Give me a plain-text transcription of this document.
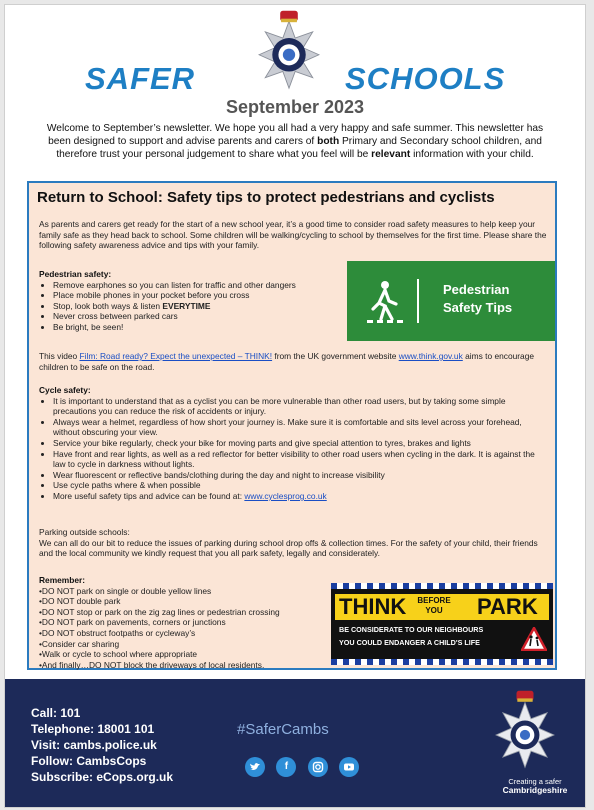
SAFER	SCHOOLS
September 2023
Welcome to September’s newsletter. We hope you all had a very happy and safe summer. This newsletter has been designed to support and advise parents and carers of both Primary and Secondary school children, and therefore trust your personal judgement to share what you feel will be relevant information with your child.
Return to School: Safety tips to protect pedestrians and cyclists
As parents and carers get ready for the start of a new school year, it’s a good time to consider road safety measures to help keep your family safe as they head back to school. Some children will be walking/cycling to school by themselves for the first time. Please share the following safety awareness advice and tips with your family.
Pedestrian safety:
• Remove earphones so you can listen for traffic and other dangers
• Place mobile phones in your pocket before you cross
• Stop, look both ways & listen EVERYTIME
• Never cross between parked cars
• Be bright, be seen!
Pedestrian
Safety Tips
This video Film: Road ready? Expect the unexpected – THINK! from the UK government website www.think.gov.uk aims to encourage children to be safe on the road.
Cycle safety:
• It is important to understand that as a cyclist you can be more vulnerable than other road users, but by taking some simple precautions you can reduce the risk of accidents or injury.
• Always wear a helmet, regardless of how short your journey is. Make sure it is comfortable and sits level across your forehead, without obscuring your view.
• Service your bike regularly, check your bike for moving parts and give special attention to tyres, brakes and lights
• Have front and rear lights, as well as a red reflector for better visibility to other road users when cycling in the dark. It is against the law to cycle in darkness without lights.
• Wear fluorescent or reflective bands/clothing during the day and night to increase visibility
• Use cycle paths where & when possible
• More useful safety tips and advice can be found at: www.cyclesprog.co.uk
Parking outside schools:
We can all do our bit to reduce the issues of parking during school drop offs & collection times. For the safety of your child, their friends and the local community we kindly request that you all park safety, legally and considerately.
Remember:
•DO NOT park on single or double yellow lines
•DO NOT double park
•DO NOT stop or park on the zig zag lines or pedestrian crossing
•DO NOT park on pavements, corners or junctions
•DO NOT obstruct footpaths or cycleway’s
•Consider car sharing
•Walk or cycle to school where appropriate
•And finally…DO NOT block the driveways of local residents.
THINK BEFORE
YOU	PARK
BE CONSIDERATE TO OUR NEIGHBOURS
YOU COULD ENDANGER A CHILD'S LIFE
Call: 101
Telephone: 18001 101
Visit: cambs.police.uk
Follow: CambsCops
Subscribe: eCops.org.uk
#SaferCambs
f
Creating a safer
Cambridgeshire
